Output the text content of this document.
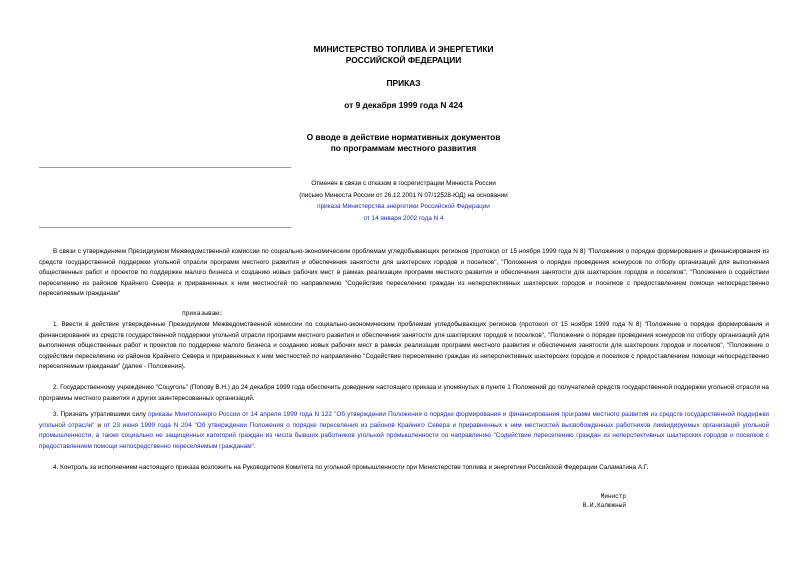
МИНИСТЕРСТВО ТОПЛИВА И ЭНЕРГЕТИКИ
РОССИЙСКОЙ ФЕДЕРАЦИИ
ПРИКАЗ
от 9 декабря 1999 года N 424
О вводе в действие нормативных документов
по программам местного развития
Отменен в связи с отказом в госрегистрации Минюста России
(письмо Минюста России от 26.12.2001 N 07/12528-ЮД) на основании
приказа Министерства энергетики Российской Федерации
от 14 января 2002 года N 4
В связи с утверждением Президиумом Межведомственной комиссии по социально-экономическим проблемам угледобывающих регионов (протокол от 15 ноября 1999 года N 8) "Положения о порядке формирования и финансирования из средств государственной поддержки угольной отрасли программ местного развития и обеспечения занятости для шахтерских городов и поселков", "Положения о порядке проведения конкурсов по отбору организаций для выполнения общественных работ и проектов по поддержке малого бизнеса и созданию новых рабочих мест в рамках реализации программ местного развития и обеспечения занятости для шахтерских городов и поселков", "Положения о содействии переселению из районов Крайнего Севера и приравненных к ним местностей по направлению "Содействие переселению граждан из неперспективных шахтерских городов и поселков с предоставлением помощи непосредственно переселяемым гражданам"
приказываю:
1. Ввести в действие утвержденные Президиумом Межведомственной комиссии по социально-экономическим проблемам угледобывающих регионов (протокол от 15 ноября 1999 года N 8) "Положение о порядке формирования и финансирования из средств государственной поддержки угольной отрасли программ местного развития и обеспечения занятости для шахтерских городов и поселков", "Положение о порядке проведения конкурсов по отбору организаций для выполнения общественных работ и проектов по поддержке малого бизнеса и созданию новых рабочих мест в рамках реализации программ местного развития и обеспечения занятости для шахтерских городов и поселков", "Положение о содействии переселению из районов Крайнего Севера и приравненных к ним местностей по направлению "Содействие переселению граждан из неперспективных шахтерских городов и поселков с предоставлением помощи непосредственно переселяемым гражданам" (далее - Положения).
2. Государственному учреждению "Соцуголь" (Попову В.Н.) до 24 декабря 1999 года обеспечить доведение настоящего приказа и упомянутых в пункте 1 Положений до получателей средств государственной поддержки угольной отрасли на программы местного развития и других заинтересованных организаций.
3. Признать утратившими силу приказы Минтопэнерго России от 14 апреля 1999 года N 122 "Об утверждении Положения о порядке формирования и финансирования программ местного развития из средств государственной поддержки угольной отрасли" и от 23 июня 1999 года N 204 "Об утверждении Положения о порядке переселения из районов Крайнего Севера и приравненных к ним местностей высвобожденных работников ликвидируемых организаций угольной промышленности, а также социально не защищенных категорий граждан из числа бывших работников угольной промышленности по направлению "Содействие переселению граждан из неперспективных шахтерских городов и поселков с предоставлением помощи непосредственно переселяемым гражданам".
4. Контроль за исполнением настоящего приказа возложить на Руководителя Комитета по угольной промышленности при Министерстве топлива и энергетики Российской Федерации Саламатина А.Г.
Министр
В.И.Калюжный
